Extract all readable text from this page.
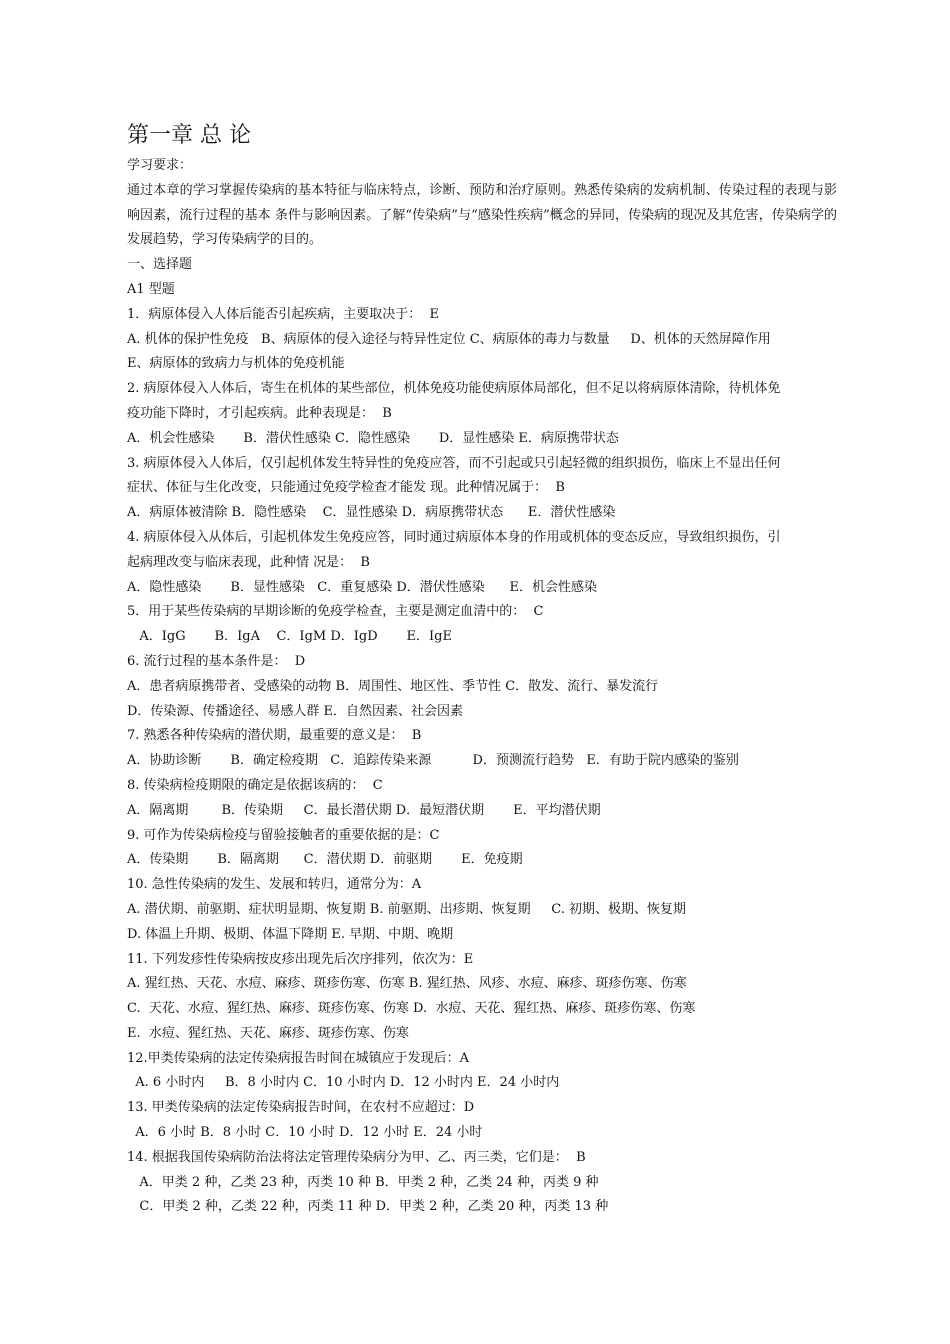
第一章 总 论
学习要求：
通过本章的学习掌握传染病的基本特征与临床特点，诊断、预防和治疗原则。熟悉传染病的发病机制、传染过程的表现与影响因素，流行过程的基本 条件与影响因素。了解“传染病”与“感染性疾病”概念的异同，传染病的现况及其危害，传染病学的发展趋势，学习传染病学的目的。
一、选择题
A1 型题
1．病原体侵入人体后能否引起疾病，主要取决于：  E
A. 机体的保护性免疫   B、病原体的侵入途径与特异性定位 C、病原体的毒力与数量     D、机体的天然屏障作用
E、病原体的致病力与机体的免疫机能
2. 病原体侵入人体后，寄生在机体的某些部位，机体免疫功能使病原体局部化，但不足以将病原体清除，待机体免
疫功能下降时，才引起疾病。此种表现是：  B
A．机会性感染       B．潜伏性感染 C．隐性感染       D．显性感染 E．病原携带状态
3. 病原体侵入人体后，仅引起机体发生特异性的免疫应答，而不引起或只引起轻微的组织损伤，临床上不显出任何
症状、体征与生化改变，只能通过免疫学检查才能发 现。此种情况属于：  B
A．病原体被清除 B．隐性感染    C．显性感染 D．病原携带状态      E．潜伏性感染
4. 病原体侵入从体后，引起机体发生免疫应答，同时通过病原体本身的作用或机体的变态反应，导致组织损伤，引
起病理改变与临床表现，此种情 况是：  B
A．隐性感染       B．显性感染   C．重复感染 D．潜伏性感染      E．机会性感染
5．用于某些传染病的早期诊断的免疫学检查，主要是测定血清中的：  C
A．IgG       B．IgA    C．IgM D．IgD       E．IgE
6. 流行过程的基本条件是：  D
A．患者病原携带者、受感染的动物 B．周围性、地区性、季节性 C．散发、流行、暴发流行
D．传染源、传播途径、易感人群 E．自然因素、社会因素
7. 熟悉各种传染病的潜伏期，最重要的意义是：  B
A．协助诊断       B．确定检疫期   C．追踪传染来源          D．预测流行趋势   E．有助于院内感染的鉴别
8. 传染病检疫期限的确定是依据该病的：  C
A．隔离期        B．传染期     C．最长潜伏期 D．最短潜伏期       E．平均潜伏期
9. 可作为传染病检疫与留验接触者的重要依据的是：C
A．传染期       B．隔离期      C．潜伏期 D．前驱期       E．免疫期
10. 急性传染病的发生、发展和转归，通常分为：A
A. 潜伏期、前驱期、症状明显期、恢复期 B. 前驱期、出疹期、恢复期     C. 初期、极期、恢复期
D. 体温上升期、极期、体温下降期 E. 早期、中期、晚期
11. 下列发疹性传染病按皮疹出现先后次序排列，依次为：E
A. 猩红热、天花、水痘、麻疹、斑疹伤寒、伤寒 B. 猩红热、风疹、水痘、麻疹、斑疹伤寒、伤寒
C.  天花、水痘、猩红热、麻疹、斑疹伤寒、伤寒 D.  水痘、天花、猩红热、麻疹、斑疹伤寒、伤寒
E.  水痘、猩红热、天花、麻疹、斑疹伤寒、伤寒
12.甲类传染病的法定传染病报告时间在城镇应于发现后：A
A. 6 小时内     B．8 小时内 C．10 小时内 D．12 小时内 E．24 小时内
13. 甲类传染病的法定传染病报告时间，在农村不应超过：D
A．6 小时 B．8 小时 C．10 小时 D．12 小时 E．24 小时
14. 根据我国传染病防治法将法定管理传染病分为甲、乙、丙三类，它们是：  B
A．甲类 2 种，乙类 23 种，丙类 10 种 B．甲类 2 种，乙类 24 种，丙类 9 种
C．甲类 2 种，乙类 22 种，丙类 11 种 D．甲类 2 种，乙类 20 种，丙类 13 种
